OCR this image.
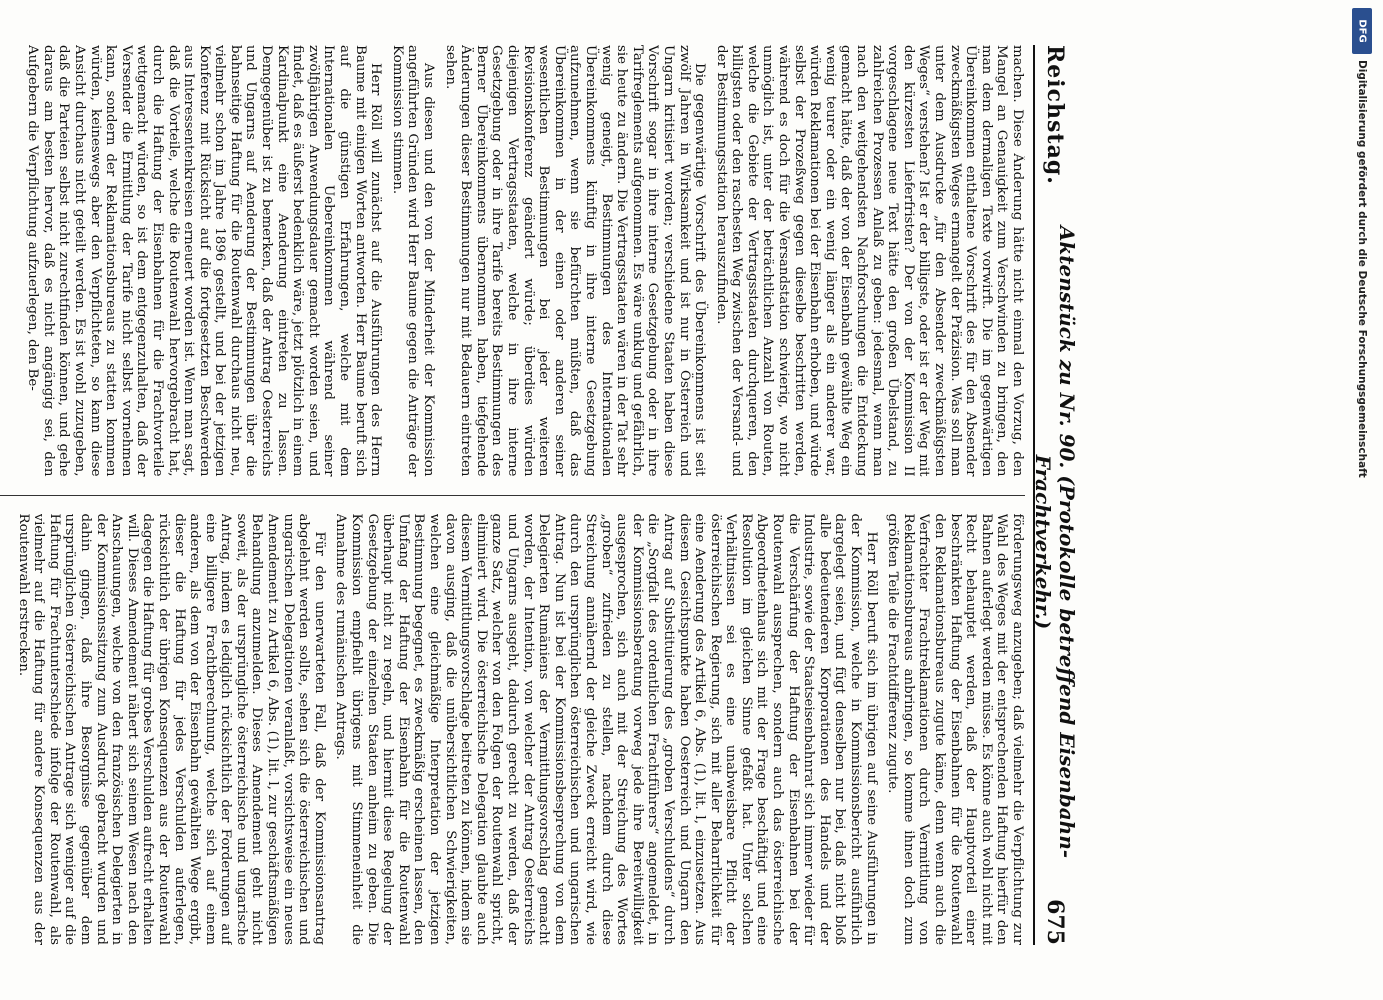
Reichstag.
Aktenstück zu Nr. 90. (Protokolle betreffend Eisenbahn-Frachtverkehr.)
675

machen. Diese Änderung hätte nicht einmal den Vorzug, den Mangel an Genauigkeit zum Verschwinden zu bringen, den man dem dermaligen Texte vorwirft. Die im gegenwärtigen Übereinkommen enthaltene Vorschrift des für den Absender zweckmäßigsten Weges ermangelt der Präzision. Was soll man unter dem Ausdrucke „für den Absender zweckmäßigsten Weges“ verstehen? Ist er der billigste, oder ist er der Weg mit den kürzesten Lieferfristen? Der von der Kommission II vorgeschlagene neue Text hätte den großen Übelstand, zu zahlreichen Prozessen Anlaß zu geben: jedesmal, wenn man nach den weitgehendsten Nachforschungen die Entdeckung gemacht hätte, daß der von der Eisenbahn gewählte Weg ein wenig teurer oder ein wenig länger als ein anderer war, würden Reklamationen bei der Eisenbahn erhoben, und würde selbst der Prozeßweg gegen dieselbe beschritten werden, während es doch für die Versandstation schwierig, wo nicht unmöglich ist, unter der beträchtlichen Anzahl von Routen, welche die Gebiete der Vertragsstaaten durchqueren, den billigsten oder den raschesten Weg zwischen der Versand- und der Bestimmungsstation herauszufinden.

Die gegenwärtige Vorschrift des Übereinkommens ist seit zwölf Jahren in Wirksamkeit und ist nur in Österreich und Ungarn kritisiert worden; verschiedene Staaten haben diese Vorschrift sogar in ihre interne Gesetzgebung oder in ihre Tarifreglements aufgenommen. Es wäre unklug und gefährlich, sie heute zu ändern. Die Vertragsstaaten wären in der Tat sehr wenig geneigt, Bestimmungen des Internationalen Übereinkommens künftig in ihre interne Gesetzgebung aufzunehmen, wenn sie befürchten müßten, daß das Übereinkommen in der einen oder anderen seiner wesentlichen Bestimmungen bei jeder weiteren Revisionskonferenz geändert würde; überdies würden diejenigen Vertragsstaaten, welche in ihre interne Gesetzgebung oder in ihre Tarife bereits Bestimmungen des Berner Übereinkommens übernommen haben, tiefgehende Änderungen dieser Bestimmungen nur mit Bedauern eintreten sehen.

Aus diesen und den von der Minderheit der Kommission angeführten Gründen wird Herr Baume gegen die Anträge der Kommission stimmen.

Herr Röll will zunächst auf die Ausführungen des Herrn Baume mit einigen Worten antworten. Herr Baume beruft sich auf die günstigen Erfahrungen, welche mit dem Internationalen Uebereinkommen während seiner zwölfjährigen Anwendungsdauer gemacht worden seien, und findet, daß es äußerst bedenklich wäre, jetzt plötzlich in einem Kardinalpunkt eine Aenderung eintreten zu lassen. Demgegenüber ist zu bemerken, daß der Antrag Oesterreichs und Ungarns auf Aenderung der Bestimmungen über die bahnseitige Haftung für die Routenwahl durchaus nicht neu, vielmehr schon im Jahre 1896 gestellt, und bei der jetzigen Konferenz mit Rücksicht auf die fortgesetzten Beschwerden aus Interessentenkreisen erneuert worden ist. Wenn man sagt, daß die Vorteile, welche die Routenwahl hervorgebracht hat, durch die Haftung der Eisenbahnen für die Frachtvorteile wettgemacht würden, so ist dem entgegenzuhalten, daß der Versender die Ermittlung der Tarife nicht selbst vornehmen kann, sondern der Reklamationsbureaus zu statten kommen würden, keineswegs aber den Verpflichteten, so kann diese Ansicht durchaus nicht geteilt werden. Es ist wohl zuzugeben, daß die Parteien selbst nicht zurechtfinden können, und gehe daraus am besten hervor, daß es nicht angängig sei, den Aufgebern die Verpflichtung aufzuerlegen, den Be-

förderungsweg anzugeben; daß vielmehr die Verpflichtung zur Wahl des Weges mit der entsprechenden Haftung hierfür den Bahnen auferlegt werden müsse. Es könne auch wohl nicht mit Recht behauptet werden, daß der Hauptvorteil einer beschränkten Haftung der Eisenbahnen für die Routenwahl den Reklamationsbureaus zugute käme, denn wenn auch die Verfrachter Frachtreklamationen durch Vermittlung von Reklamationsbureaus anbringen, so komme ihnen doch zum größten Teile die Frachtdifferenz zugute.

Herr Röll beruft sich im übrigen auf seine Ausführungen in der Kommission, welche in Kommissionsbericht ausführlich dargelegt seien, und fügt denselben nur bei, daß nicht bloß alle bedeutenderen Korporationen des Handels und der Industrie, sowie der Staatseisenbahnrat sich immer wieder für die Verschärfung der Haftung der Eisenbahnen bei der Routenwahl aussprechen, sondern auch das österreichische Abgeordnetenhaus sich mit der Frage beschäftigt und eine Resolution im gleichen Sinne gefaßt hat. Unter solchen Verhältnissen sei es eine unabweisbare Pflicht der österreichischen Regierung, sich mit aller Beharrlichkeit für eine Aenderung des Artikel 6, Abs. (1), lit. l, einzusetzen. Aus diesem Gesichtspunkte haben Oesterreich und Ungarn den Antrag auf Substituierung des „groben Verschuldens“ durch die „Sorgfalt des ordentlichen Frachtführers“ angemeldet, in der Kommissionsberatung vorweg jede ihre Bereitwilligkeit ausgesprochen, sich auch mit der Streichung des Wortes „groben“ zufrieden zu stellen, nachdem durch diese Streichung annähernd der gleiche Zweck erreicht wird, wie durch den ursprünglichen österreichischen und ungarischen Antrag. Nun ist bei der Kommissionsbesprechung von dem Delegierten Rumäniens der Vermittlungsvorschlag gemacht worden, der Intention, von welcher der Antrag Oesterreichs und Ungarns ausgeht, dadurch gerecht zu werden, daß der ganze Satz, welcher von den Folgen der Routenwahl spricht, eliminiert wird. Die österreichische Delegation glaubte auch diesem Vermittlungsvorschlage beitreten zu können, indem sie davon ausging, daß die unübersichtlichen Schwierigkeiten, welchen eine gleichmäßige Interpretation der jetzigen Bestimmung begegnet, es zweckmäßig erscheinen lassen, den Umfang der Haftung der Eisenbahn für die Routenwahl überhaupt nicht zu regeln, und hiermit diese Regelung der Gesetzgebung der einzelnen Staaten anheim zu geben. Die Kommission empfiehlt übrigens mit Stimmeneinheit die Annahme des rumänischen Antrags.

Für den unerwarteten Fall, daß der Kommissionsantrag abgelehnt werden sollte, sehen sich die österreichischen und ungarischen Delegationen veranlaßt, vorsichtsweise ein neues Amendement zu Artikel 6, Abs. (1), lit. l, zur geschäftsmäßigen Behandlung anzumelden. Dieses Amendement geht nicht soweit, als der ursprüngliche österreichische und ungarische Antrag, indem es lediglich rücksichtlich der Forderungen auf eine billigere Frachtberechnung, welche sich auf einem anderen, als dem von der Eisenbahn gewählten Wege ergibt, dieser die Haftung für jedes Verschulden auferlegen, rücksichtlich der übrigen Konsequenzen aus der Routenwahl dagegen die Haftung für grobes Verschulden aufrecht erhalten will. Dieses Amendement nähert sich seinem Wesen nach den Anschauungen, welche von den französischen Delegierten in der Kommissionssitzung zum Ausdruck gebracht wurden und dahin gingen, daß ihre Besorgnisse gegenüber dem ursprünglichen österreichischen Antrage sich weniger auf die Haftung für Frachtunterschiede infolge der Routenwahl, als vielmehr auf die Haftung für andere Konsequenzen aus der Routenwahl erstrecken.

DFG
Digitalisierung gefördert durch die Deutsche Forschungsgemeinschaft
